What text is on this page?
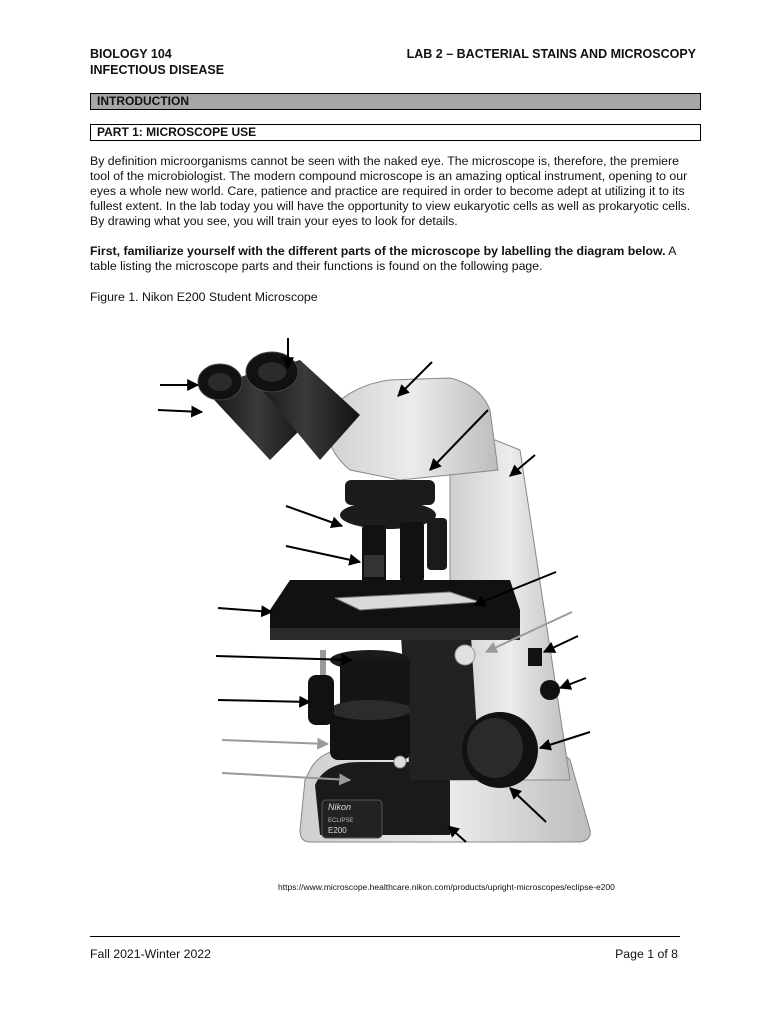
BIOLOGY 104
INFECTIOUS DISEASE
LAB 2 – BACTERIAL STAINS AND MICROSCOPY
INTRODUCTION
PART 1: MICROSCOPE USE
By definition microorganisms cannot be seen with the naked eye. The microscope is, therefore, the premiere tool of the microbiologist. The modern compound microscope is an amazing optical instrument, opening to our eyes a whole new world. Care, patience and practice are required in order to become adept at utilizing it to its fullest extent. In the lab today you will have the opportunity to view eukaryotic cells as well as prokaryotic cells. By drawing what you see, you will train your eyes to look for details.
First, familiarize yourself with the different parts of the microscope by labelling the diagram below. A table listing the microscope parts and their functions is found on the following page.
Figure 1. Nikon E200 Student Microscope
Nikon
ECLIPSE
E200
https://www.microscope.healthcare.nikon.com/products/upright-microscopes/eclipse-e200
Fall 2021-Winter 2022	Page 1 of 8
